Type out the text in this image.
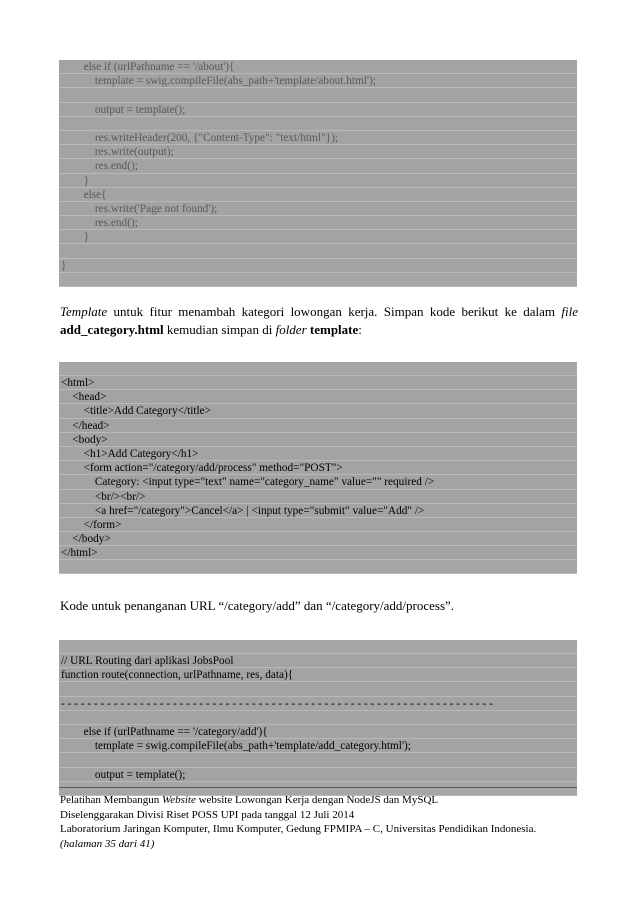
else if (urlPathname == '/about'){
template = swig.compileFile(abs_path+'template/about.html');
output = template();
res.writeHeader(200, {"Content-Type": "text/html"});
res.write(output);
res.end();
}
else{
res.write('Page not found');
res.end();
}
}
Template untuk fitur menambah kategori lowongan kerja. Simpan kode berikut ke dalam file
add_category.html kemudian simpan di folder template:
<html>
<head>
<title>Add Category</title>
</head>
<body>
<h1>Add Category</h1>
<form action="/category/add/process" method="POST">
Category: <input type="text" name="category_name" value="" required />
<br/><br/>
<a href="/category">Cancel</a> | <input type="submit" value="Add" />
</form>
</body>
</html>
Kode untuk penanganan URL “/category/add” dan “/category/add/process”.
// URL Routing dari aplikasi JobsPool
function route(connection, urlPathname, res, data){
- - - - - - - - - - - - - - - - - - - - - - - - - - - - - - - - - - - - - - - - - - - - - - - - - - - - - - - - - - - - - - - - - -
else if (urlPathname == '/category/add'){
template = swig.compileFile(abs_path+'template/add_category.html');
output = template();
Pelatihan Membangun Website website Lowongan Kerja dengan NodeJS dan MySQL
Diselenggarakan Divisi Riset POSS UPI pada tanggal 12 Juli 2014
Laboratorium Jaringan Komputer, Ilmu Komputer, Gedung FPMIPA – C, Universitas Pendidikan Indonesia.
(halaman 35 dari 41)
